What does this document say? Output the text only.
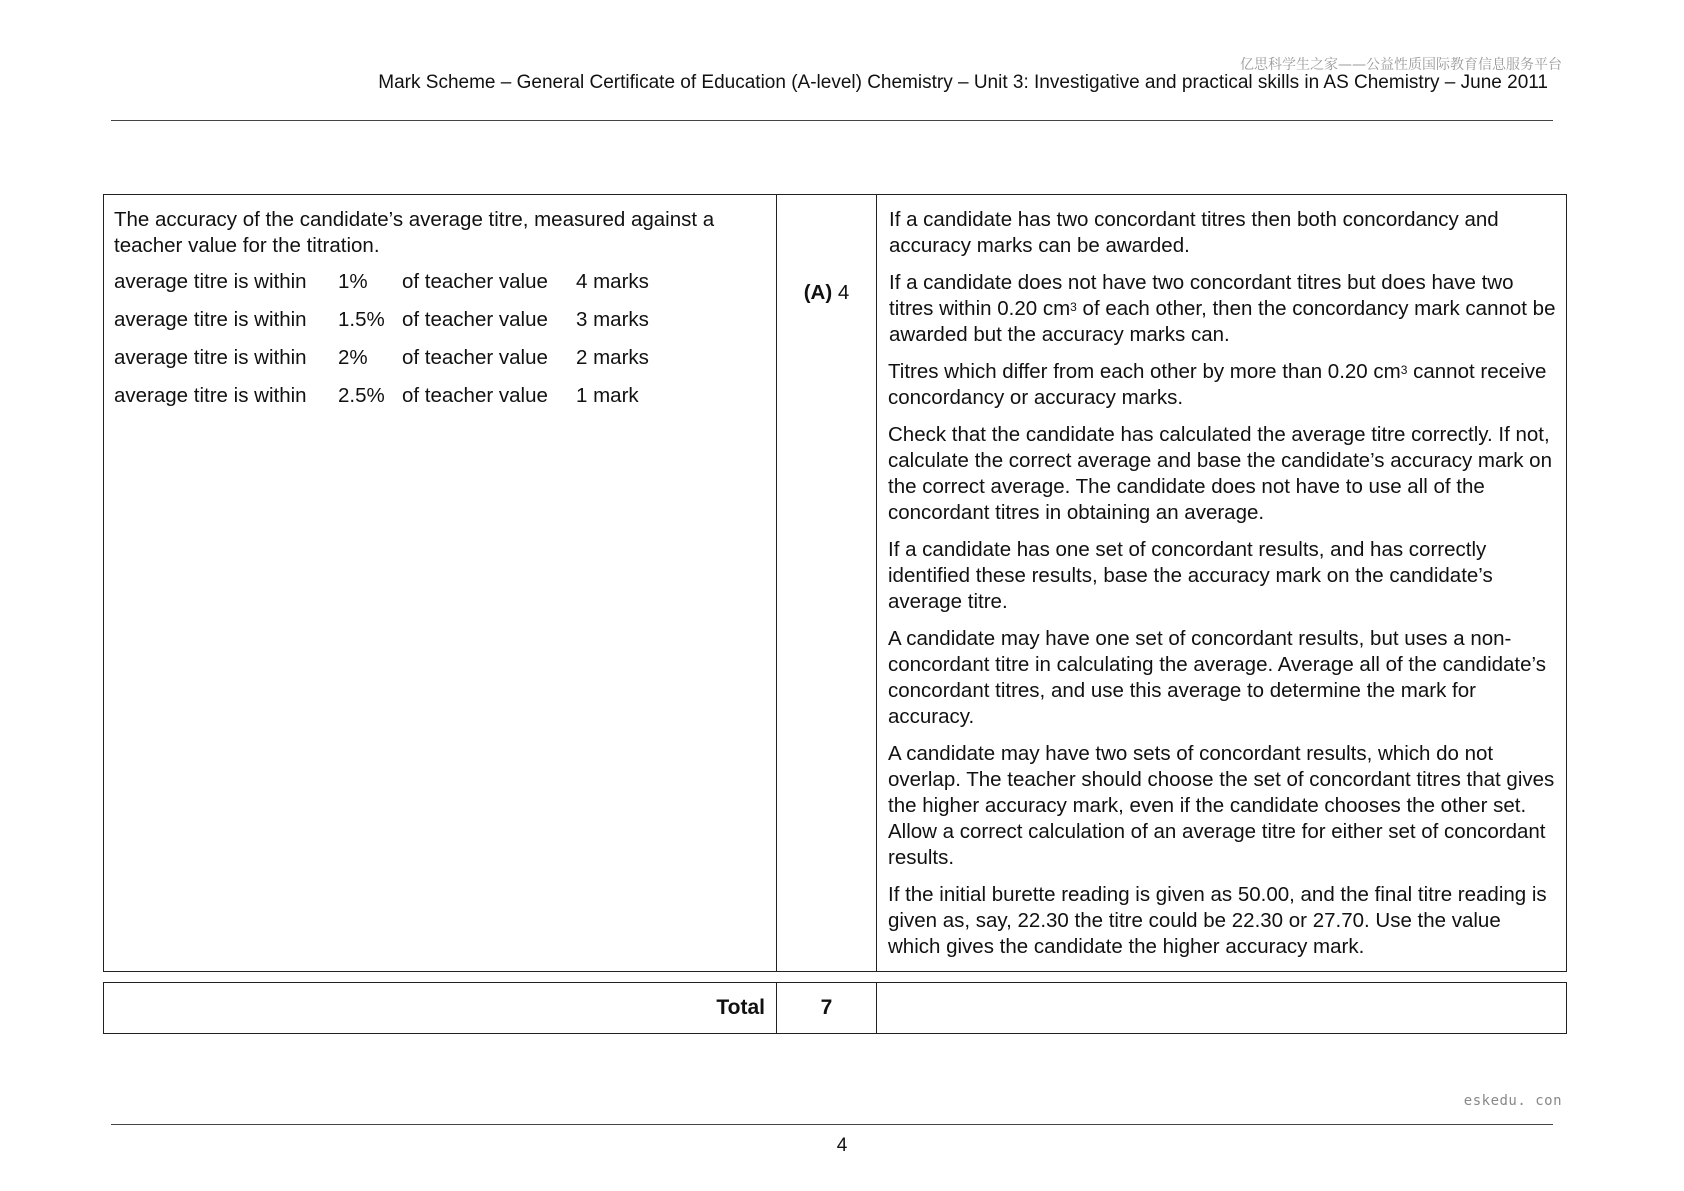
亿思科学生之家——公益性质国际教育信息服务平台
Mark Scheme – General Certificate of Education (A-level) Chemistry – Unit 3: Investigative and practical skills in AS Chemistry – June 2011

The accuracy of the candidate’s average titre, measured against a teacher value for the titration.

average titre is within	1%	of teacher value	4 marks
average titre is within	1.5% of teacher value	3 marks
average titre is within	2%	of teacher value	2 marks
average titre is within	2.5% of teacher value	1 mark
(A) 4

If a candidate has two concordant titres then both concordancy and accuracy marks can be awarded.

If a candidate does not have two concordant titres but does have two titres within 0.20 $cm^3$ of each other, then the concordancy mark cannot be awarded but the accuracy marks can.

Titres which differ from each other by more than 0.20 $cm^3$ cannot receive concordancy or accuracy marks.

Check that the candidate has calculated the average titre correctly. If not, calculate the correct average and base the candidate’s accuracy mark on the correct average. The candidate does not have to use all of the concordant titres in obtaining an average.

If a candidate has one set of concordant results, and has correctly identified these results, base the accuracy mark on the candidate’s average titre.

A candidate may have one set of concordant results, but uses a non-concordant titre in calculating the average. Average all of the candidate’s concordant titres, and use this average to determine the mark for accuracy.

A candidate may have two sets of concordant results, which do not overlap. The teacher should choose the set of concordant titres that gives the higher accuracy mark, even if the candidate chooses the other set. Allow a correct calculation of an average titre for either set of concordant results.

If the initial burette reading is given as 50.00, and the final titre reading is given as, say, 22.30 the titre could be 22.30 or 27.70. Use the value which gives the candidate the higher accuracy mark.

Total	7
eskedu. con
4
